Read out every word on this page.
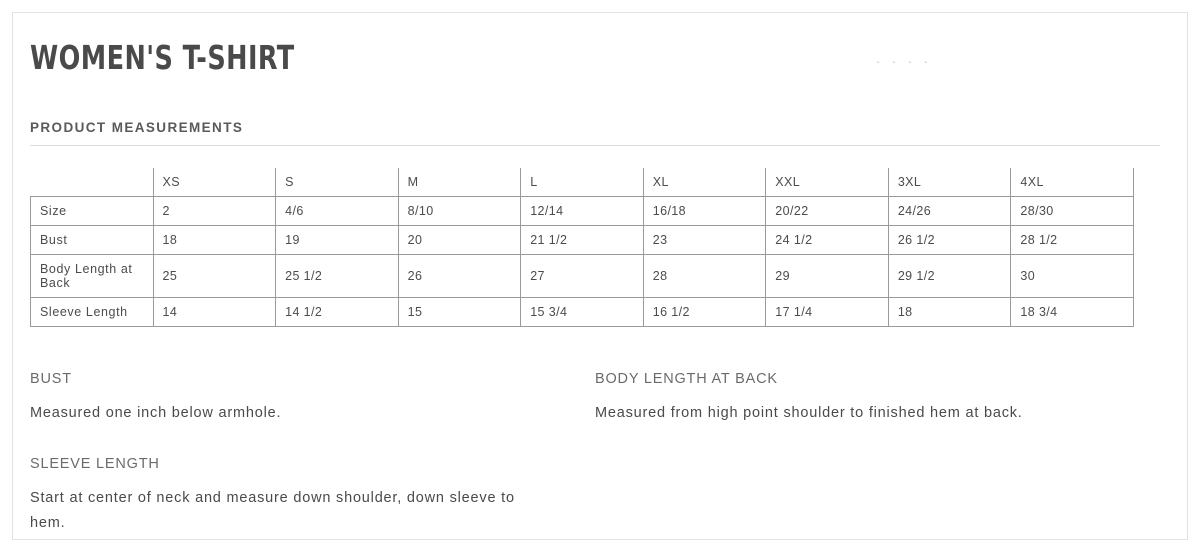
· · · ·
WOMEN'S T-SHIRT
PRODUCT MEASUREMENTS
	XS	S	M	L	XL	XXL	3XL	4XL
Size	2	4/6	8/10	12/14	16/18	20/22	24/26	28/30
Bust	18	19	20	21 1/2	23	24 1/2	26 1/2	28 1/2
Body Length at Back	25	25 1/2	26	27	28	29	29 1/2	30
Sleeve Length	14	14 1/2	15	15 3/4	16 1/2	17 1/4	18	18 3/4
BUST
Measured one inch below armhole.
BODY LENGTH AT BACK
Measured from high point shoulder to finished hem at back.
SLEEVE LENGTH
Start at center of neck and measure down shoulder, down sleeve to hem.
